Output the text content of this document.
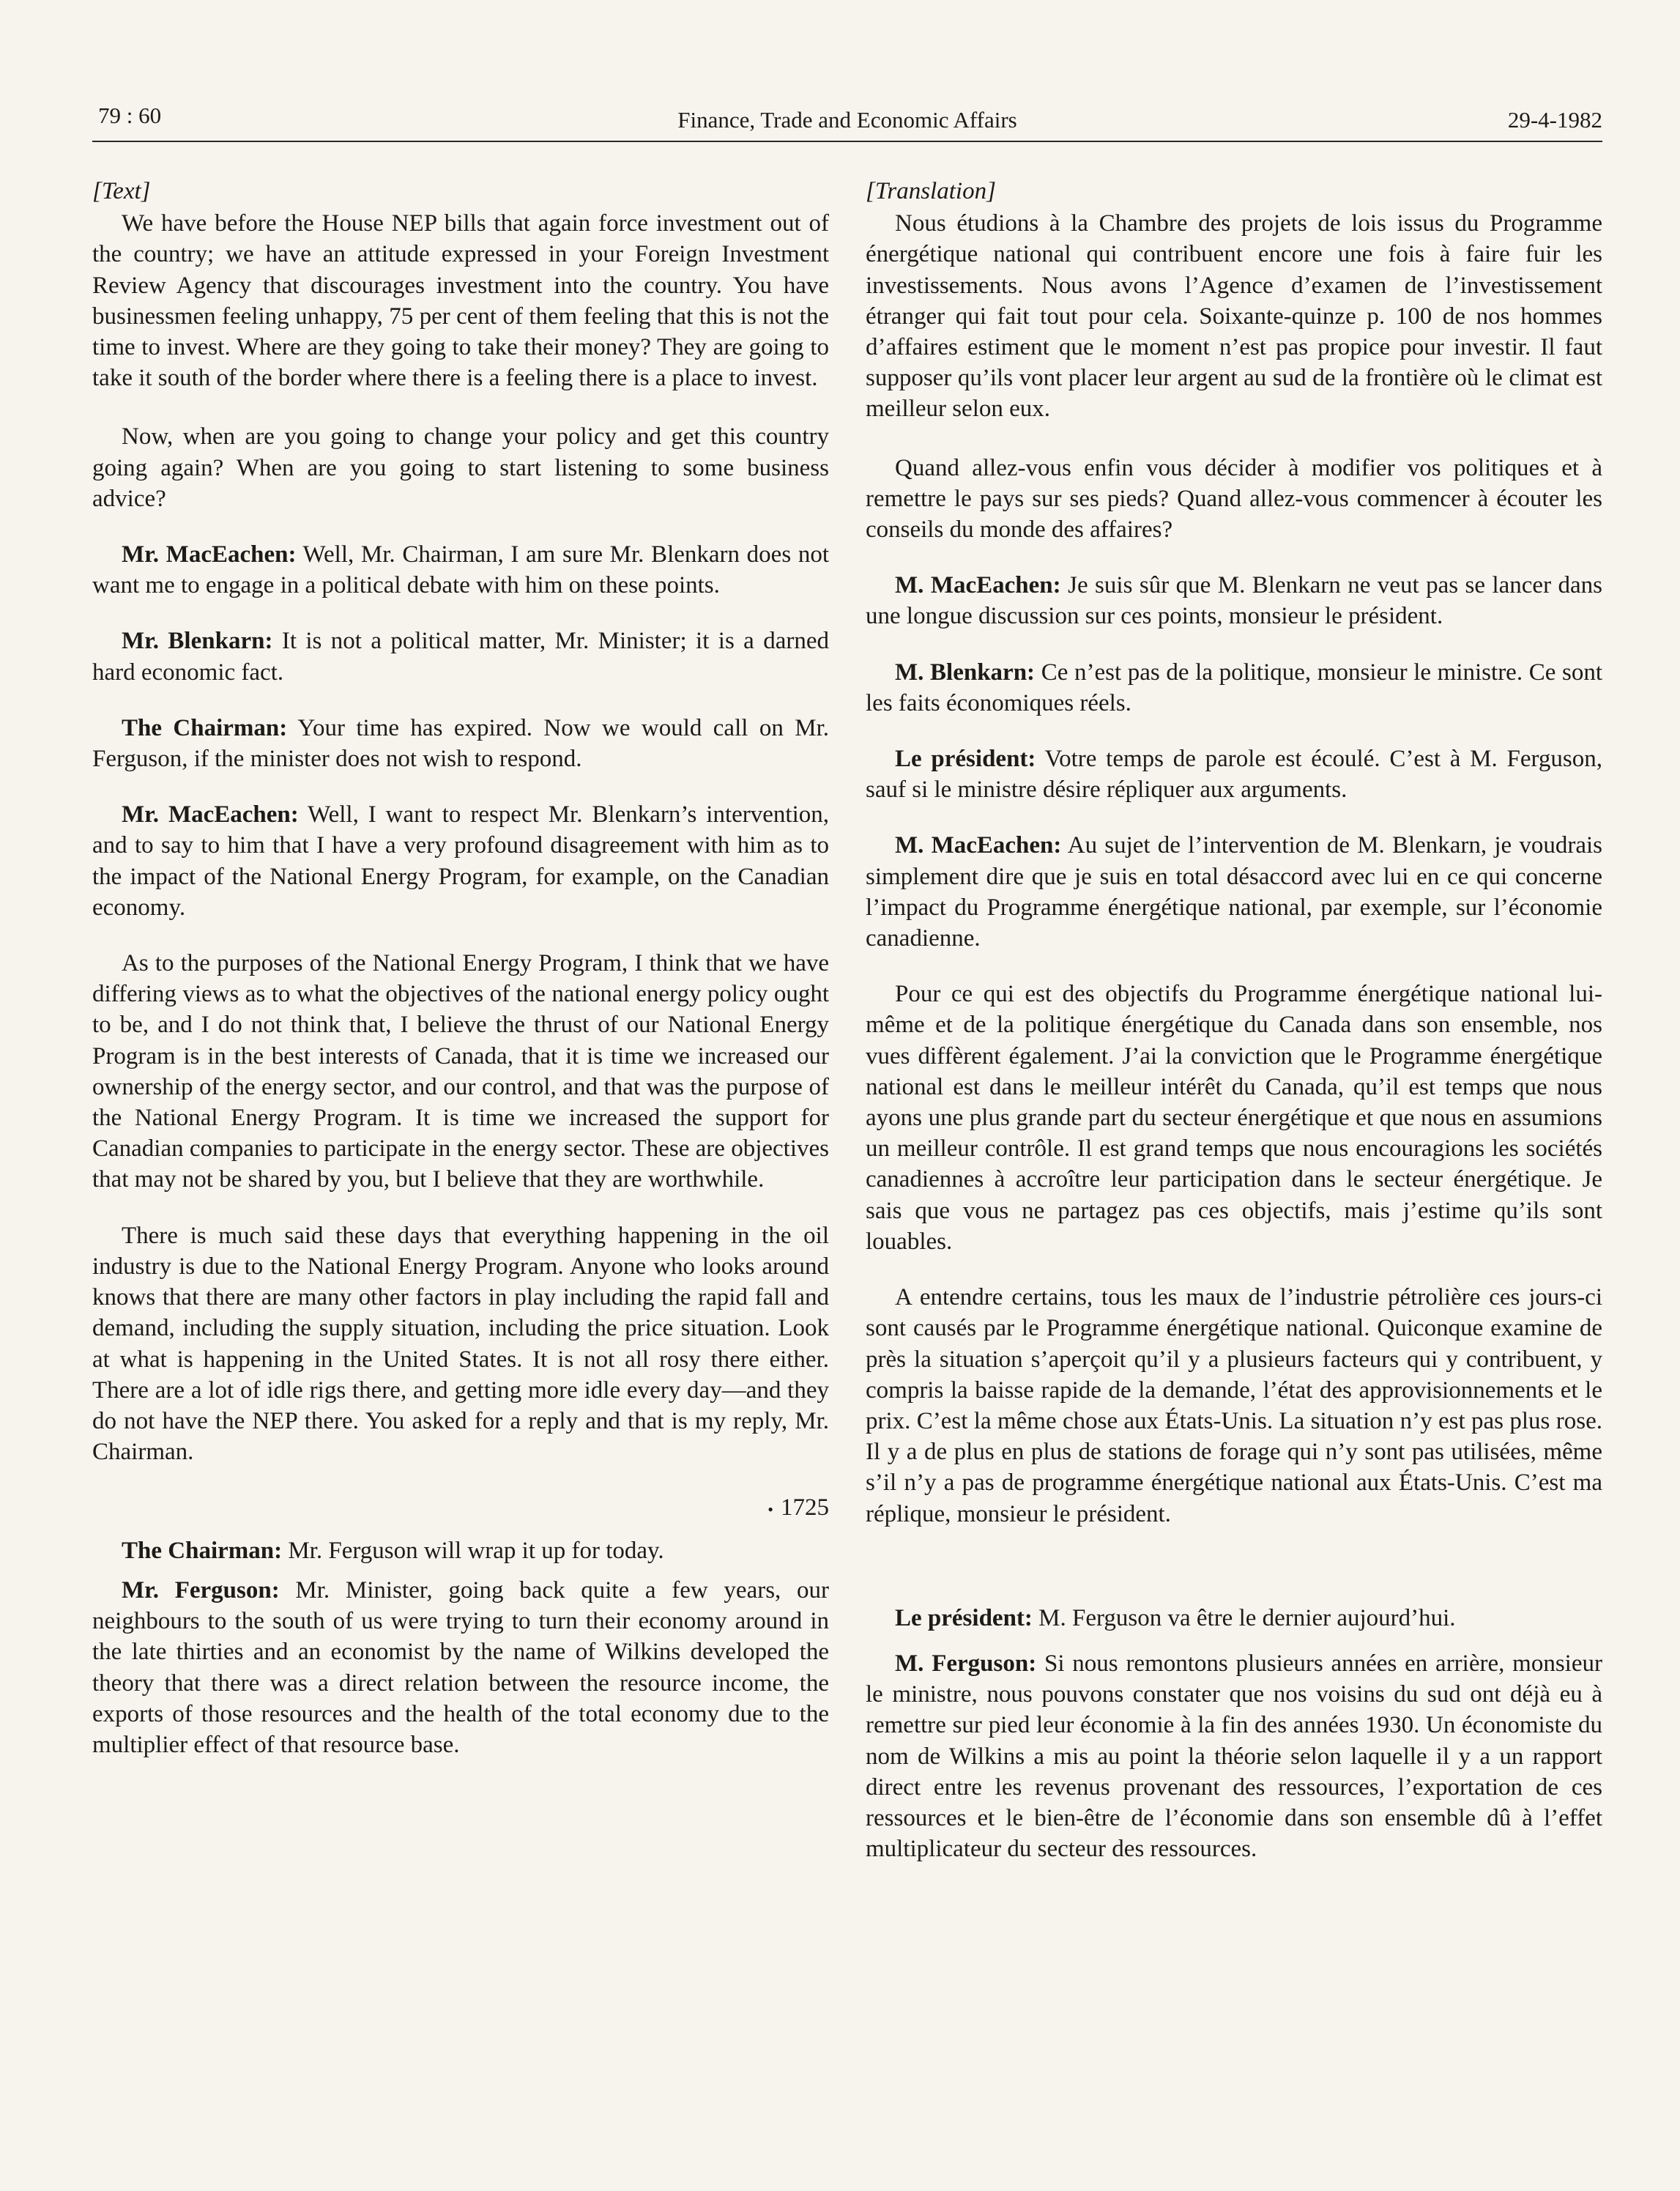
79 : 60	Finance, Trade and Economic Affairs	29-4-1982
[Text]

We have before the House NEP bills that again force investment out of the country; we have an attitude expressed in your Foreign Investment Review Agency that discourages investment into the country. You have businessmen feeling unhappy, 75 per cent of them feeling that this is not the time to invest. Where are they going to take their money? They are going to take it south of the border where there is a feeling there is a place to invest.

Now, when are you going to change your policy and get this country going again? When are you going to start listening to some business advice?

Mr. MacEachen: Well, Mr. Chairman, I am sure Mr. Blenkarn does not want me to engage in a political debate with him on these points.

Mr. Blenkarn: It is not a political matter, Mr. Minister; it is a darned hard economic fact.

The Chairman: Your time has expired. Now we would call on Mr. Ferguson, if the minister does not wish to respond.

Mr. MacEachen: Well, I want to respect Mr. Blenkarn’s intervention, and to say to him that I have a very profound disagreement with him as to the impact of the National Energy Program, for example, on the Canadian economy.

As to the purposes of the National Energy Program, I think that we have differing views as to what the objectives of the national energy policy ought to be, and I do not think that, I believe the thrust of our National Energy Program is in the best interests of Canada, that it is time we increased our ownership of the energy sector, and our control, and that was the purpose of the National Energy Program. It is time we increased the support for Canadian companies to participate in the energy sector. These are objectives that may not be shared by you, but I believe that they are worthwhile.

There is much said these days that everything happening in the oil industry is due to the National Energy Program. Anyone who looks around knows that there are many other factors in play including the rapid fall and demand, including the supply situation, including the price situation. Look at what is happening in the United States. It is not all rosy there either. There are a lot of idle rigs there, and getting more idle every day—and they do not have the NEP there. You asked for a reply and that is my reply, Mr. Chairman.

• 1725

The Chairman: Mr. Ferguson will wrap it up for today.

Mr. Ferguson: Mr. Minister, going back quite a few years, our neighbours to the south of us were trying to turn their economy around in the late thirties and an economist by the name of Wilkins developed the theory that there was a direct relation between the resource income, the exports of those resources and the health of the total economy due to the multiplier effect of that resource base.

[Translation]

Nous étudions à la Chambre des projets de lois issus du Programme énergétique national qui contribuent encore une fois à faire fuir les investissements. Nous avons l’Agence d’examen de l’investissement étranger qui fait tout pour cela. Soixante-quinze p. 100 de nos hommes d’affaires estiment que le moment n’est pas propice pour investir. Il faut supposer qu’ils vont placer leur argent au sud de la frontière où le climat est meilleur selon eux.

Quand allez-vous enfin vous décider à modifier vos politiques et à remettre le pays sur ses pieds? Quand allez-vous commencer à écouter les conseils du monde des affaires?

M. MacEachen: Je suis sûr que M. Blenkarn ne veut pas se lancer dans une longue discussion sur ces points, monsieur le président.

M. Blenkarn: Ce n’est pas de la politique, monsieur le ministre. Ce sont les faits économiques réels.

Le président: Votre temps de parole est écoulé. C’est à M. Ferguson, sauf si le ministre désire répliquer aux arguments.

M. MacEachen: Au sujet de l’intervention de M. Blenkarn, je voudrais simplement dire que je suis en total désaccord avec lui en ce qui concerne l’impact du Programme énergétique national, par exemple, sur l’économie canadienne.

Pour ce qui est des objectifs du Programme énergétique national lui-même et de la politique énergétique du Canada dans son ensemble, nos vues diffèrent également. J’ai la conviction que le Programme énergétique national est dans le meilleur intérêt du Canada, qu’il est temps que nous ayons une plus grande part du secteur énergétique et que nous en assumions un meilleur contrôle. Il est grand temps que nous encouragions les sociétés canadiennes à accroître leur participation dans le secteur énergétique. Je sais que vous ne partagez pas ces objectifs, mais j’estime qu’ils sont louables.

A entendre certains, tous les maux de l’industrie pétrolière ces jours-ci sont causés par le Programme énergétique national. Quiconque examine de près la situation s’aperçoit qu’il y a plusieurs facteurs qui y contribuent, y compris la baisse rapide de la demande, l’état des approvisionnements et le prix. C’est la même chose aux États-Unis. La situation n’y est pas plus rose. Il y a de plus en plus de stations de forage qui n’y sont pas utilisées, même s’il n’y a pas de programme énergétique national aux États-Unis. C’est ma réplique, monsieur le président.

Le président: M. Ferguson va être le dernier aujourd’hui.

M. Ferguson: Si nous remontons plusieurs années en arrière, monsieur le ministre, nous pouvons constater que nos voisins du sud ont déjà eu à remettre sur pied leur économie à la fin des années 1930. Un économiste du nom de Wilkins a mis au point la théorie selon laquelle il y a un rapport direct entre les revenus provenant des ressources, l’exportation de ces ressources et le bien-être de l’économie dans son ensemble dû à l’effet multiplicateur du secteur des ressources.
